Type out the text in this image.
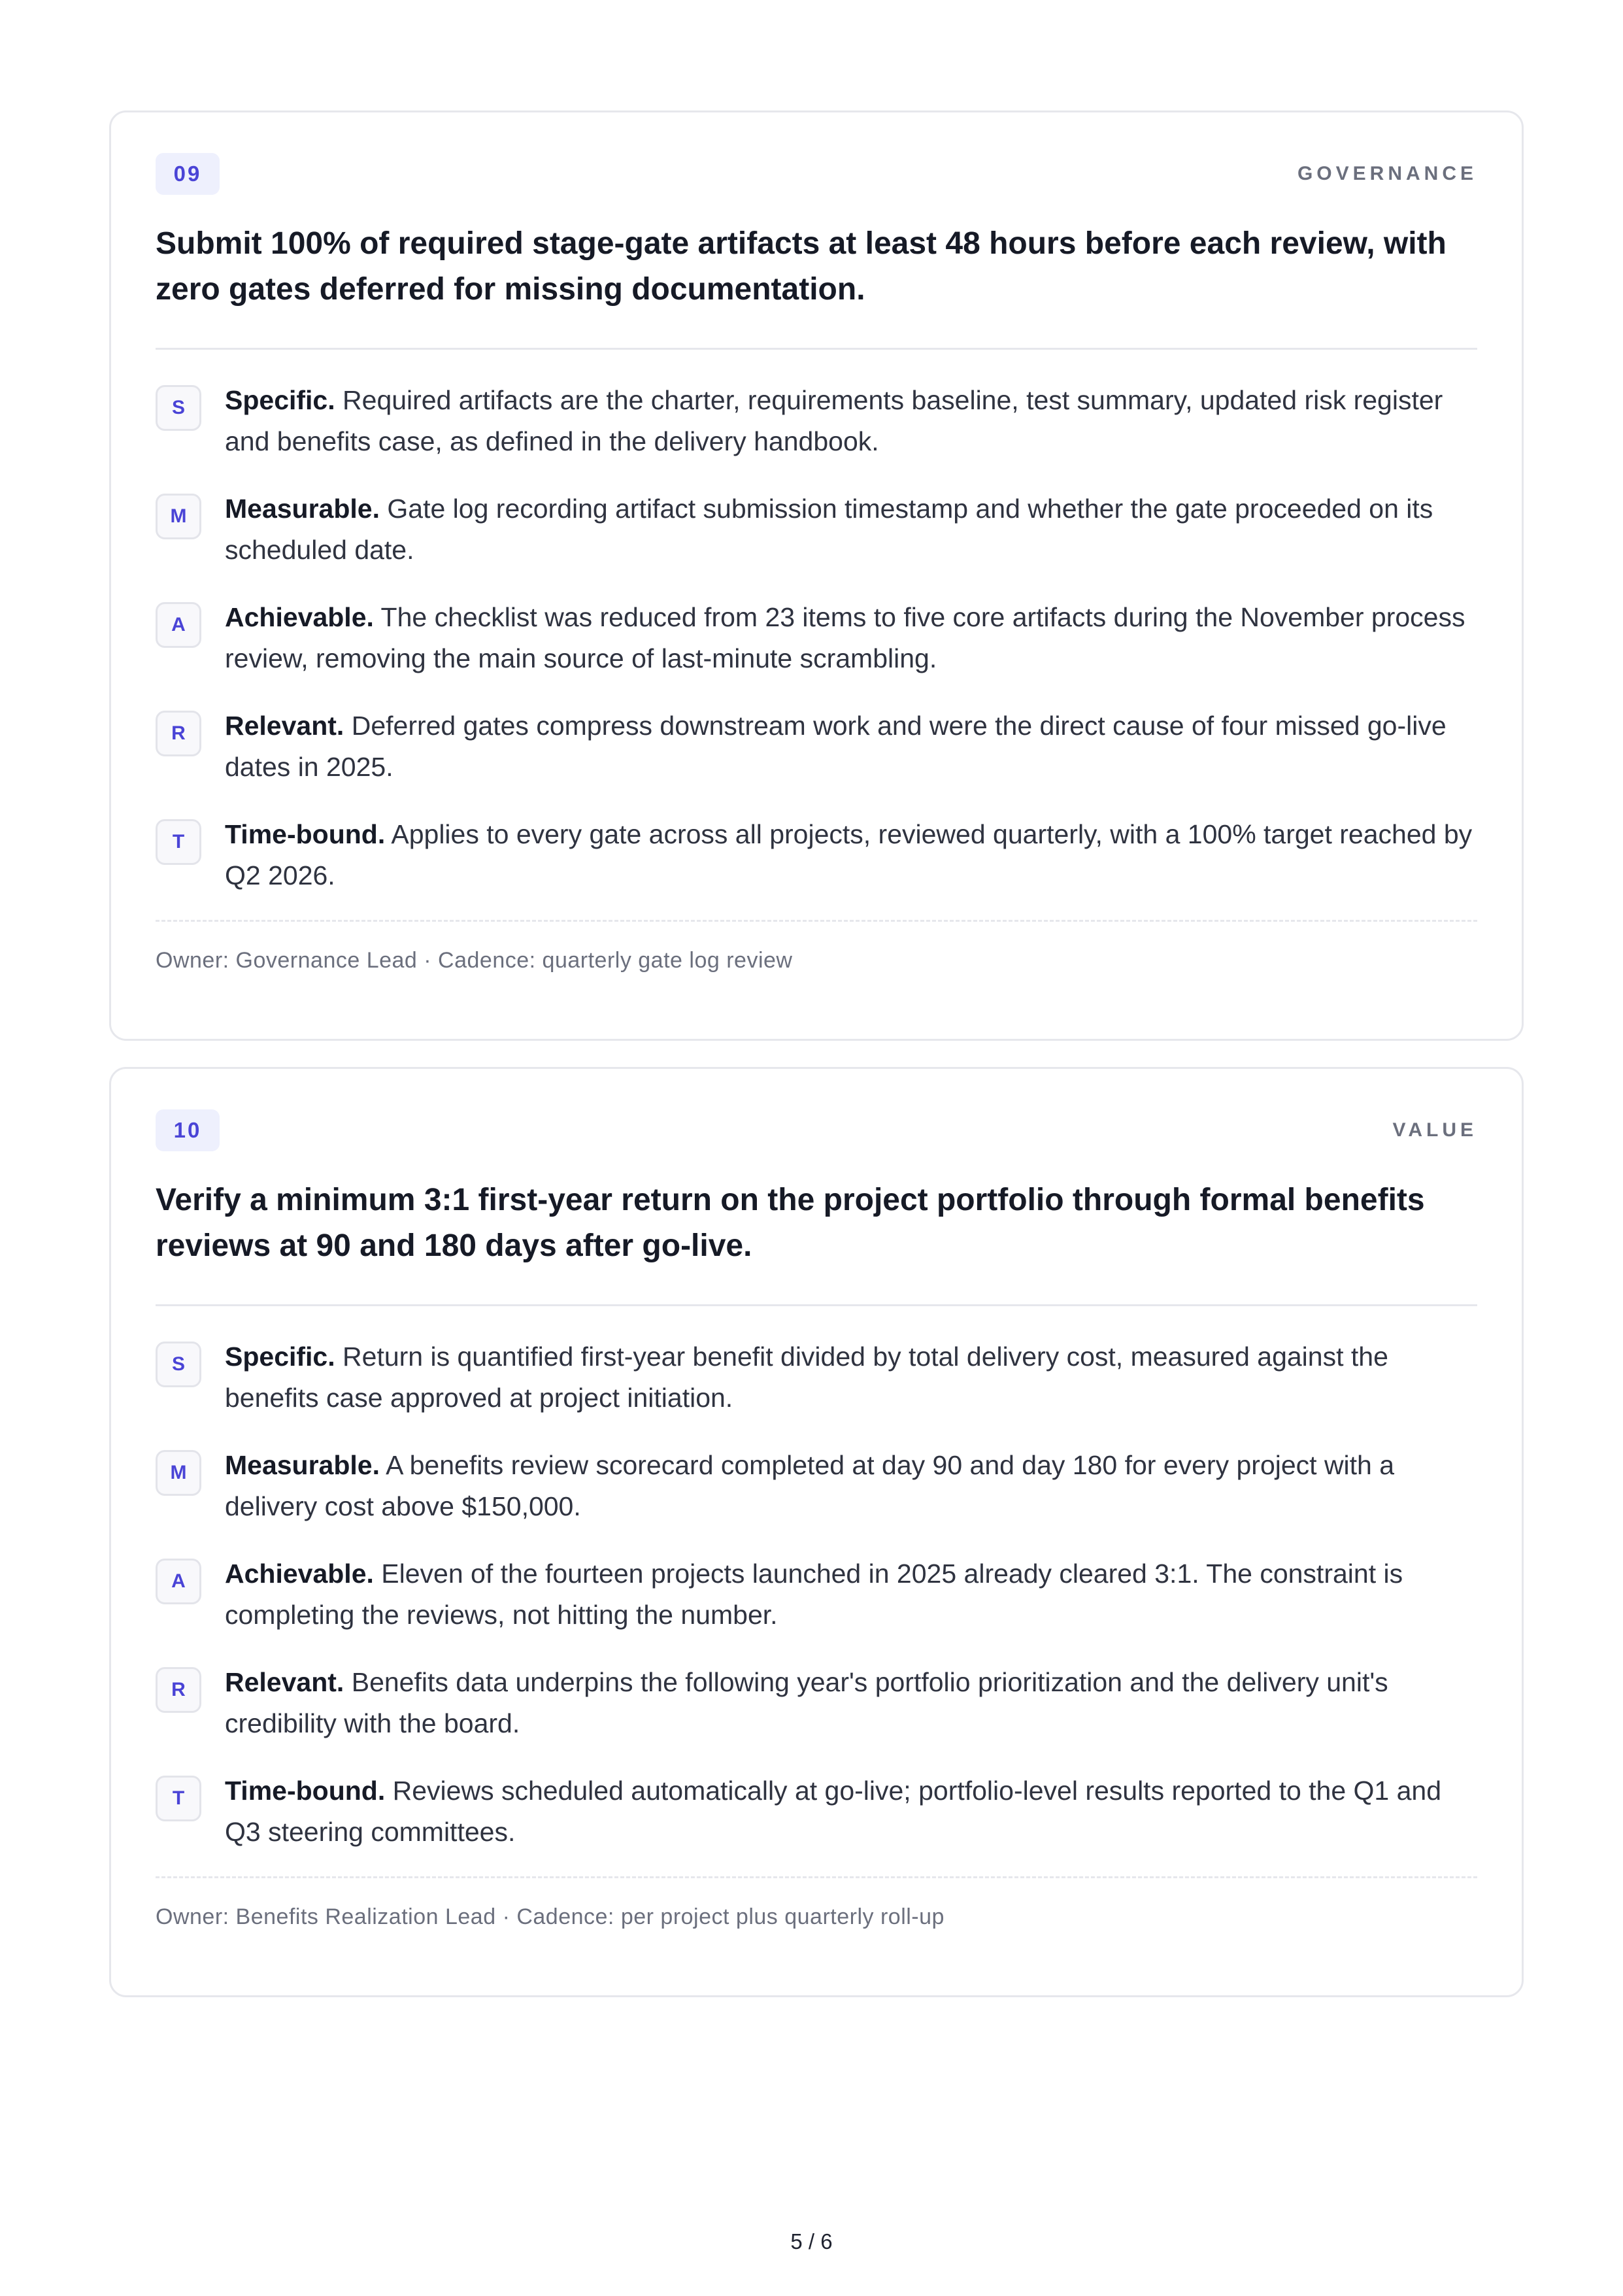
09	GOVERNANCE
Submit 100% of required stage-gate artifacts at least 48 hours before each review, with zero gates deferred for missing documentation.
S	Specific. Required artifacts are the charter, requirements baseline, test summary, updated risk register and benefits case, as defined in the delivery handbook.
M	Measurable. Gate log recording artifact submission timestamp and whether the gate proceeded on its scheduled date.
A	Achievable. The checklist was reduced from 23 items to five core artifacts during the November process review, removing the main source of last-minute scrambling.
R	Relevant. Deferred gates compress downstream work and were the direct cause of four missed go-live dates in 2025.
T	Time-bound. Applies to every gate across all projects, reviewed quarterly, with a 100% target reached by Q2 2026.
Owner: Governance Lead · Cadence: quarterly gate log review
10	VALUE
Verify a minimum 3:1 first-year return on the project portfolio through formal benefits reviews at 90 and 180 days after go-live.
S	Specific. Return is quantified first-year benefit divided by total delivery cost, measured against the benefits case approved at project initiation.
M	Measurable. A benefits review scorecard completed at day 90 and day 180 for every project with a delivery cost above $150,000.
A	Achievable. Eleven of the fourteen projects launched in 2025 already cleared 3:1. The constraint is completing the reviews, not hitting the number.
R	Relevant. Benefits data underpins the following year's portfolio prioritization and the delivery unit's credibility with the board.
T	Time-bound. Reviews scheduled automatically at go-live; portfolio-level results reported to the Q1 and Q3 steering committees.
Owner: Benefits Realization Lead · Cadence: per project plus quarterly roll-up
5 / 6
